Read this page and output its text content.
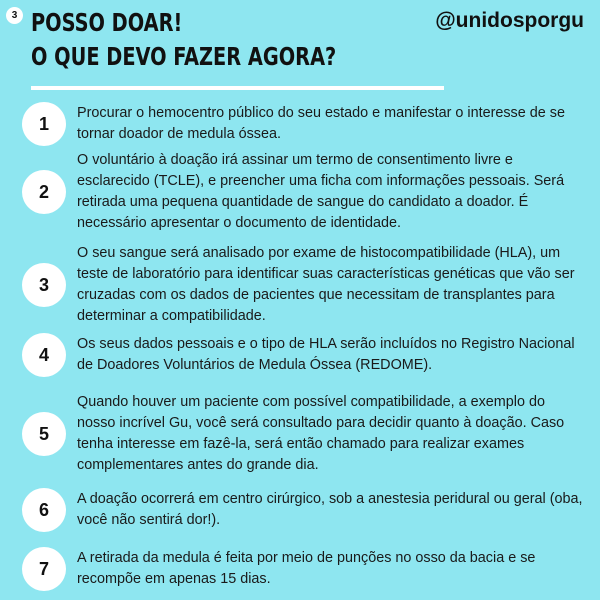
3 POSSO DOAR!
O QUE DEVO FAZER AGORA?
@unidosporgu
1
Procurar o hemocentro público do seu estado e manifestar o interesse de se tornar doador de medula óssea.
2
O voluntário à doação irá assinar um termo de consentimento livre e esclarecido (TCLE), e preencher uma ficha com informações pessoais. Será retirada uma pequena quantidade de sangue do candidato a doador. É necessário apresentar o documento de identidade.
3
O seu sangue será analisado por exame de histocompatibilidade (HLA), um teste de laboratório para identificar suas características genéticas que vão ser cruzadas com os dados de pacientes que necessitam de transplantes para determinar a compatibilidade.
4
Os seus dados pessoais e o tipo de HLA serão incluídos no Registro Nacional de Doadores Voluntários de Medula Óssea (REDOME).
5
Quando houver um paciente com possível compatibilidade, a exemplo do nosso incrível Gu, você será consultado para decidir quanto à doação. Caso tenha interesse em fazê-la, será então chamado para realizar exames complementares antes do grande dia.
6
A doação ocorrerá em centro cirúrgico, sob a anestesia peridural ou geral (oba, você não sentirá dor!).
7
A retirada da medula é feita por meio de punções no osso da bacia e se recompõe em apenas 15 dias.
